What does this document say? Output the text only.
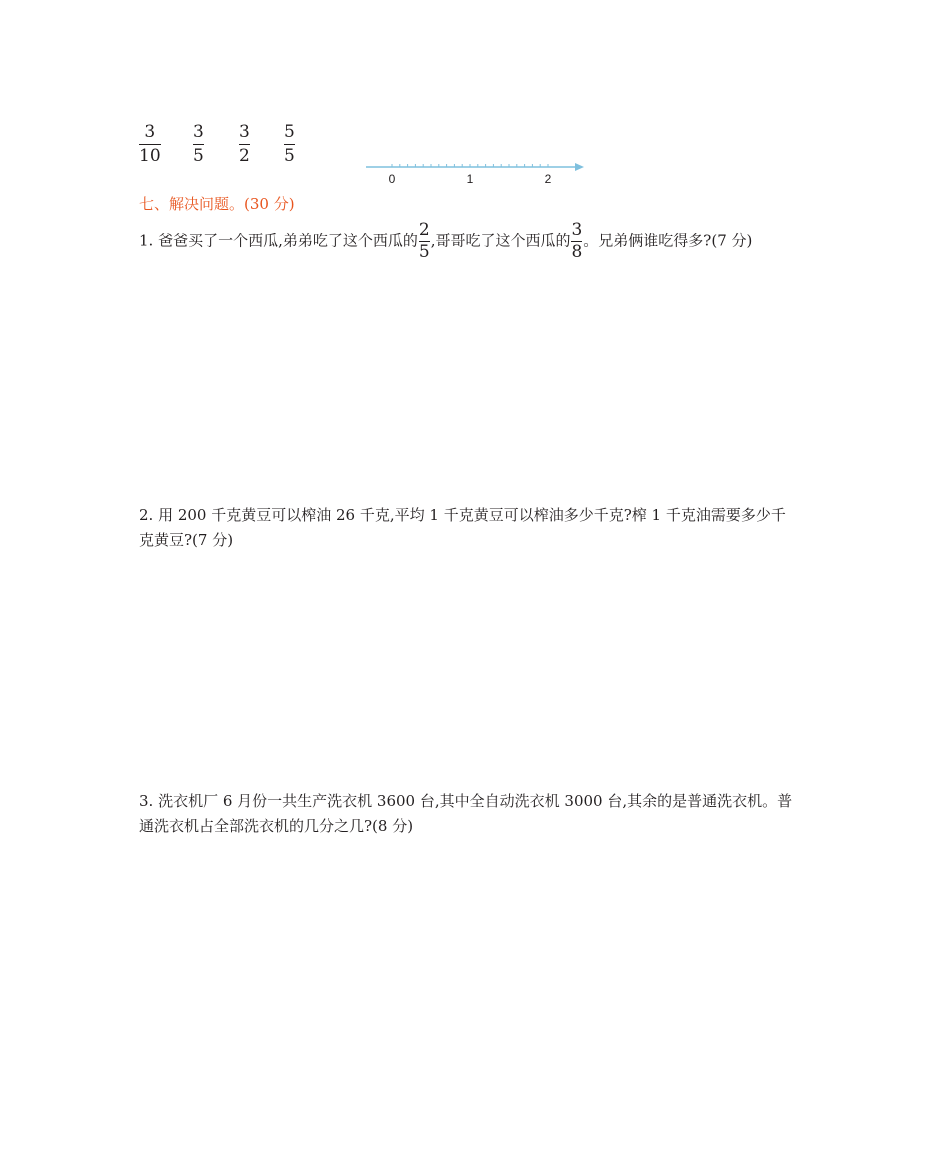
3
10
3
5
3
2
5
5
0	1	2
七、解决问题。(30 分)
1. 爸爸买了一个西瓜,弟弟吃了这个西瓜的 $\frac{2}{5}$ ,哥哥吃了这个西瓜的 $\frac{3}{8}$ 。兄弟俩谁吃得多?(7 分)
2. 用 200 千克黄豆可以榨油 26 千克,平均 1 千克黄豆可以榨油多少千克?榨 1 千克油需要多少千
克黄豆?(7 分)
3. 洗衣机厂 6 月份一共生产洗衣机 3600 台,其中全自动洗衣机 3000 台,其余的是普通洗衣机。普
通洗衣机占全部洗衣机的几分之几?(8 分)
